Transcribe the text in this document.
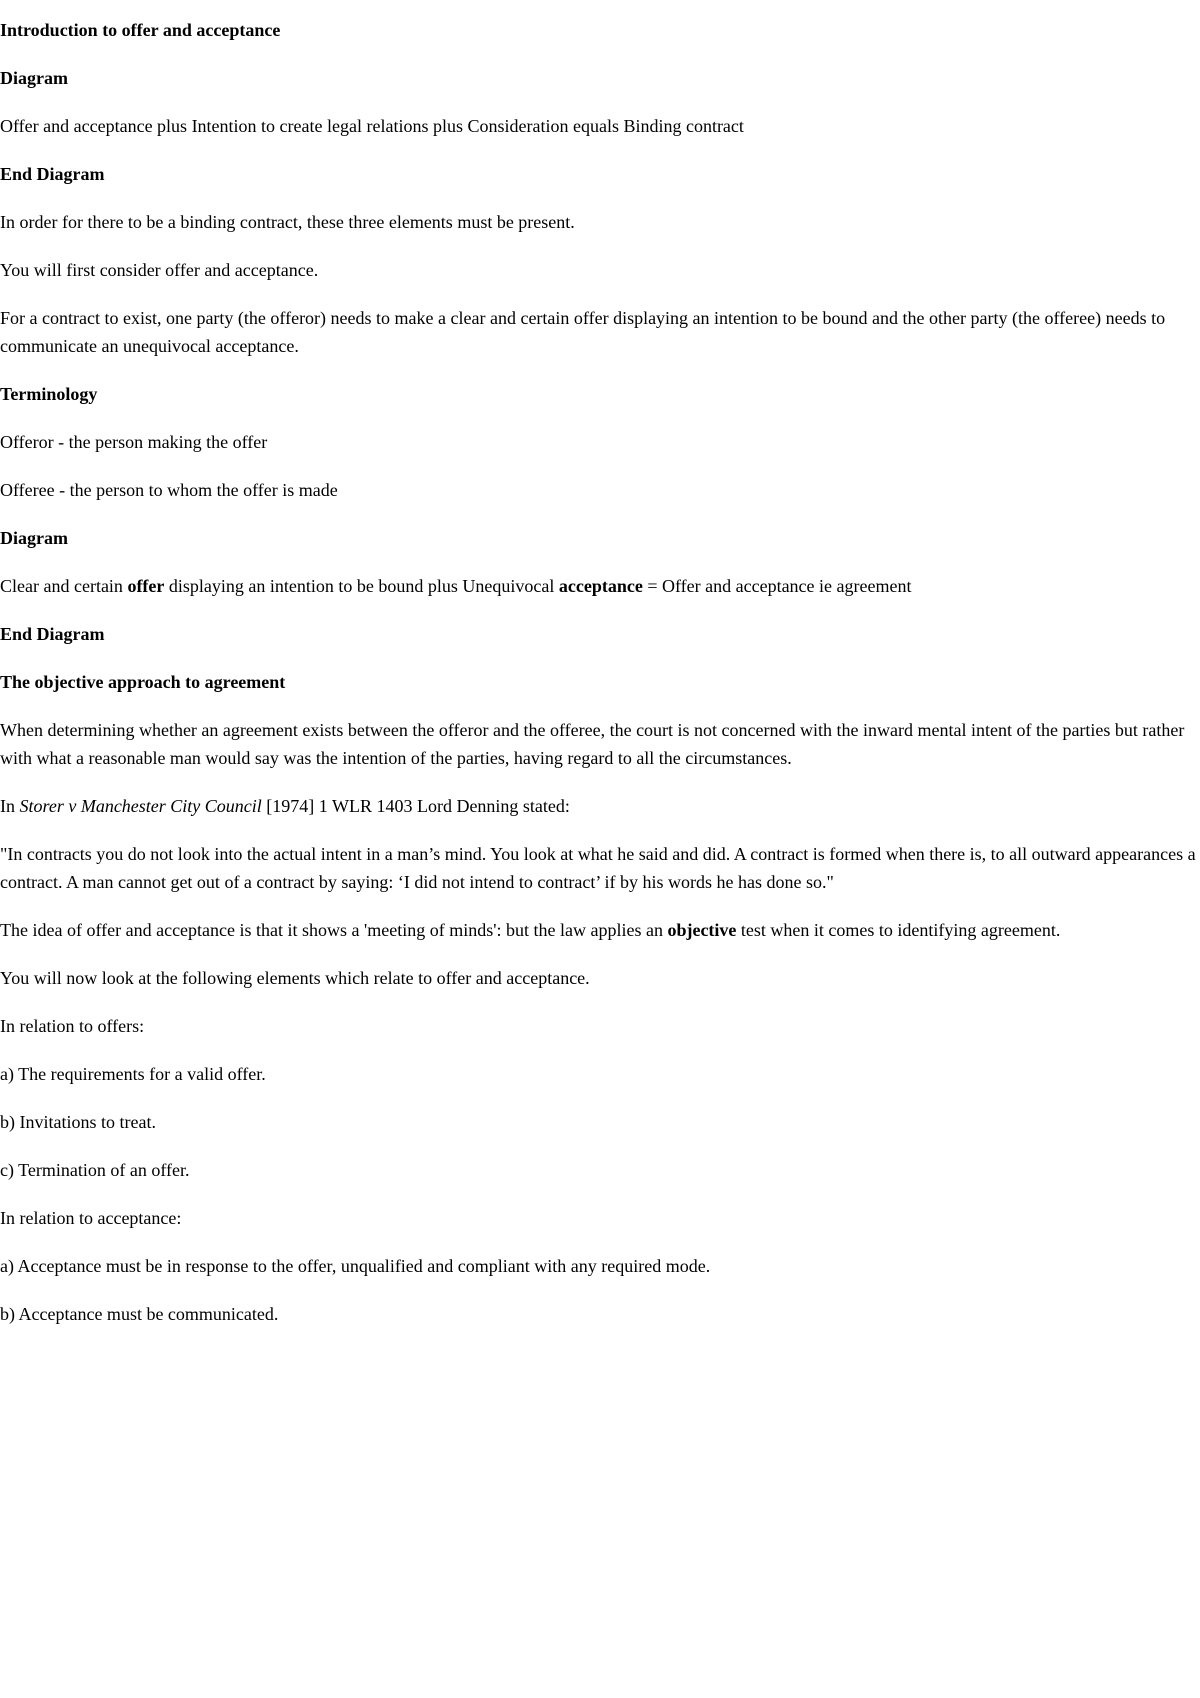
Introduction to offer and acceptance

Diagram

Offer and acceptance plus Intention to create legal relations plus Consideration equals Binding contract

End Diagram

In order for there to be a binding contract, these three elements must be present.

You will first consider offer and acceptance.

For a contract to exist, one party (the offeror) needs to make a clear and certain offer displaying an intention to be bound and the other party (the offeree) needs to communicate an unequivocal acceptance.

Terminology

Offeror - the person making the offer

Offeree - the person to whom the offer is made

Diagram

Clear and certain offer displaying an intention to be bound plus Unequivocal acceptance = Offer and acceptance ie agreement

End Diagram

The objective approach to agreement

When determining whether an agreement exists between the offeror and the offeree, the court is not concerned with the inward mental intent of the parties but rather with what a reasonable man would say was the intention of the parties, having regard to all the circumstances.

In Storer v Manchester City Council [1974] 1 WLR 1403 Lord Denning stated:

"In contracts you do not look into the actual intent in a man’s mind. You look at what he said and did. A contract is formed when there is, to all outward appearances a contract. A man cannot get out of a contract by saying: ‘I did not intend to contract’ if by his words he has done so."

The idea of offer and acceptance is that it shows a 'meeting of minds': but the law applies an objective test when it comes to identifying agreement.

You will now look at the following elements which relate to offer and acceptance.

In relation to offers:

a) The requirements for a valid offer.

b) Invitations to treat.

c) Termination of an offer.

In relation to acceptance:

a) Acceptance must be in response to the offer, unqualified and compliant with any required mode.

b) Acceptance must be communicated.
